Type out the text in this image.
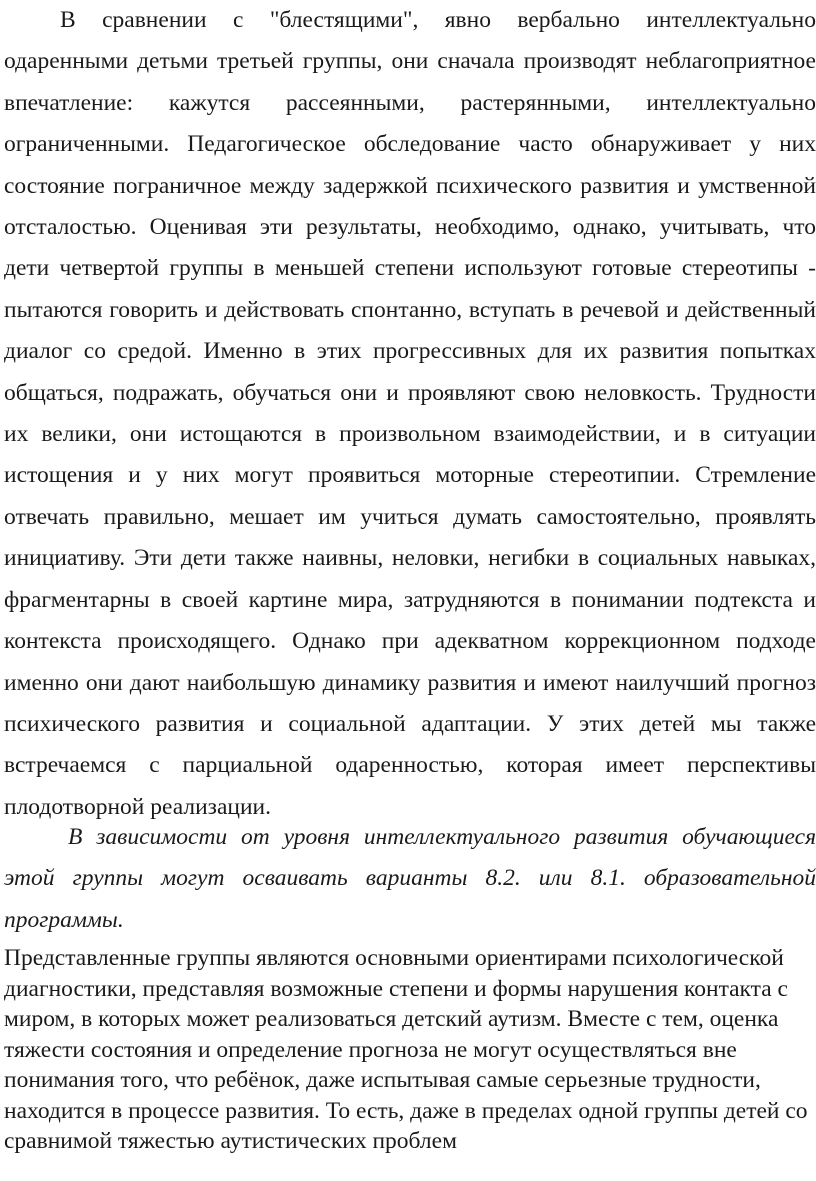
В сравнении с "блестящими", явно вербально интеллектуально одаренными детьми третьей группы, они сначала производят неблагоприятное впечатление: кажутся рассеянными, растерянными, интеллектуально ограниченными. Педагогическое обследование часто обнаруживает у них состояние пограничное между задержкой психического развития и умственной отсталостью. Оценивая эти результаты, необходимо, однако, учитывать, что дети четвертой группы в меньшей степени используют готовые стереотипы - пытаются говорить и действовать спонтанно, вступать в речевой и действенный диалог со средой. Именно в этих прогрессивных для их развития попытках общаться, подражать, обучаться они и проявляют свою неловкость. Трудности их велики, они истощаются в произвольном взаимодействии, и в ситуации истощения и у них могут проявиться моторные стереотипии. Стремление отвечать правильно, мешает им учиться думать самостоятельно, проявлять инициативу. Эти дети также наивны, неловки, негибки в социальных навыках, фрагментарны в своей картине мира, затрудняются в понимании подтекста и контекста происходящего. Однако при адекватном коррекционном подходе именно они дают наибольшую динамику развития и имеют наилучший прогноз психического развития и социальной адаптации. У этих детей мы также встречаемся с парциальной одаренностью, которая имеет перспективы плодотворной реализации.

В зависимости от уровня интеллектуального развития обучающиеся этой группы могут осваивать варианты 8.2. или 8.1. образовательной программы.

Представленные группы являются основными ориентирами психологической диагностики, представляя возможные степени и формы нарушения контакта с миром, в которых может реализоваться детский аутизм. Вместе с тем, оценка тяжести состояния и определение прогноза не могут осуществляться вне понимания того, что ребёнок, даже испытывая самые серьезные трудности, находится в процессе развития. То есть, даже в пределах одной группы детей со сравнимой тяжестью аутистических проблем
